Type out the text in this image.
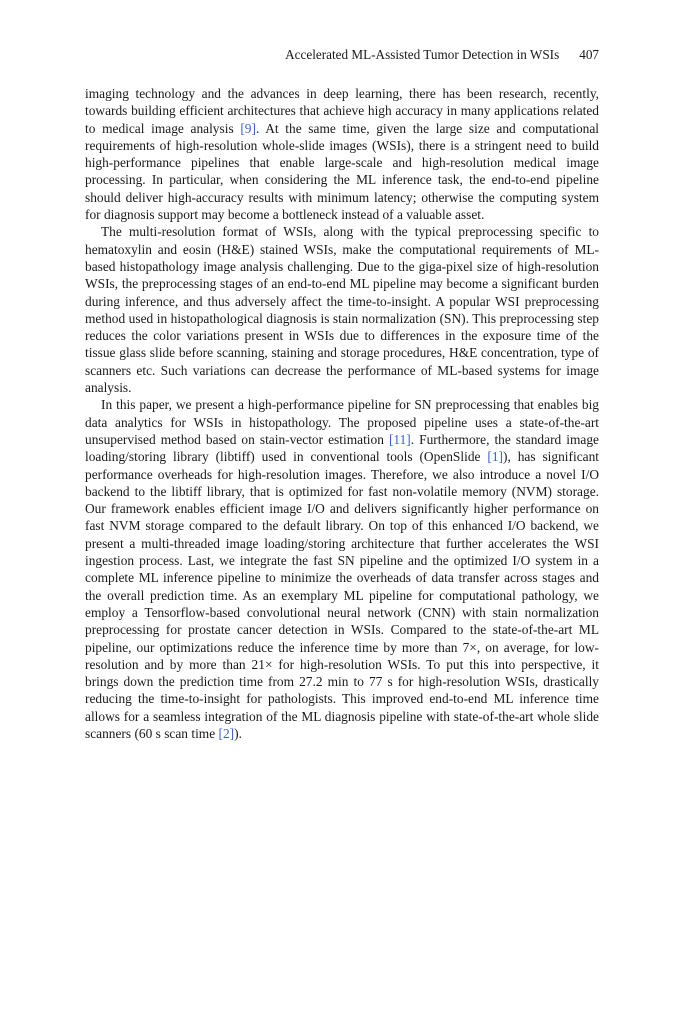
Accelerated ML-Assisted Tumor Detection in WSIs 407

imaging technology and the advances in deep learning, there has been research, recently, towards building efficient architectures that achieve high accuracy in many applications related to medical image analysis [9]. At the same time, given the large size and computational requirements of high-resolution whole-slide images (WSIs), there is a stringent need to build high-performance pipelines that enable large-scale and high-resolution medical image processing. In particular, when considering the ML inference task, the end-to-end pipeline should deliver high-accuracy results with minimum latency; otherwise the computing system for diagnosis support may become a bottleneck instead of a valuable asset.

The multi-resolution format of WSIs, along with the typical preprocessing specific to hematoxylin and eosin (H&E) stained WSIs, make the computational requirements of ML-based histopathology image analysis challenging. Due to the giga-pixel size of high-resolution WSIs, the preprocessing stages of an end-to-end ML pipeline may become a significant burden during inference, and thus adversely affect the time-to-insight. A popular WSI preprocessing method used in histopathological diagnosis is stain normalization (SN). This preprocessing step reduces the color variations present in WSIs due to differences in the exposure time of the tissue glass slide before scanning, staining and storage procedures, H&E concentration, type of scanners etc. Such variations can decrease the performance of ML-based systems for image analysis.

In this paper, we present a high-performance pipeline for SN preprocessing that enables big data analytics for WSIs in histopathology. The proposed pipeline uses a state-of-the-art unsupervised method based on stain-vector estimation [11]. Furthermore, the standard image loading/storing library (libtiff) used in conventional tools (OpenSlide [1]), has significant performance overheads for high-resolution images. Therefore, we also introduce a novel I/O backend to the libtiff library, that is optimized for fast non-volatile memory (NVM) storage. Our framework enables efficient image I/O and delivers significantly higher performance on fast NVM storage compared to the default library. On top of this enhanced I/O backend, we present a multi-threaded image loading/storing architecture that further accelerates the WSI ingestion process. Last, we integrate the fast SN pipeline and the optimized I/O system in a complete ML inference pipeline to minimize the overheads of data transfer across stages and the overall prediction time. As an exemplary ML pipeline for computational pathology, we employ a Tensorflow-based convolutional neural network (CNN) with stain normalization preprocessing for prostate cancer detection in WSIs. Compared to the state-of-the-art ML pipeline, our optimizations reduce the inference time by more than 7×, on average, for low-resolution and by more than 21× for high-resolution WSIs. To put this into perspective, it brings down the prediction time from 27.2 min to 77 s for high-resolution WSIs, drastically reducing the time-to-insight for pathologists. This improved end-to-end ML inference time allows for a seamless integration of the ML diagnosis pipeline with state-of-the-art whole slide scanners (60 s scan time [2]).
